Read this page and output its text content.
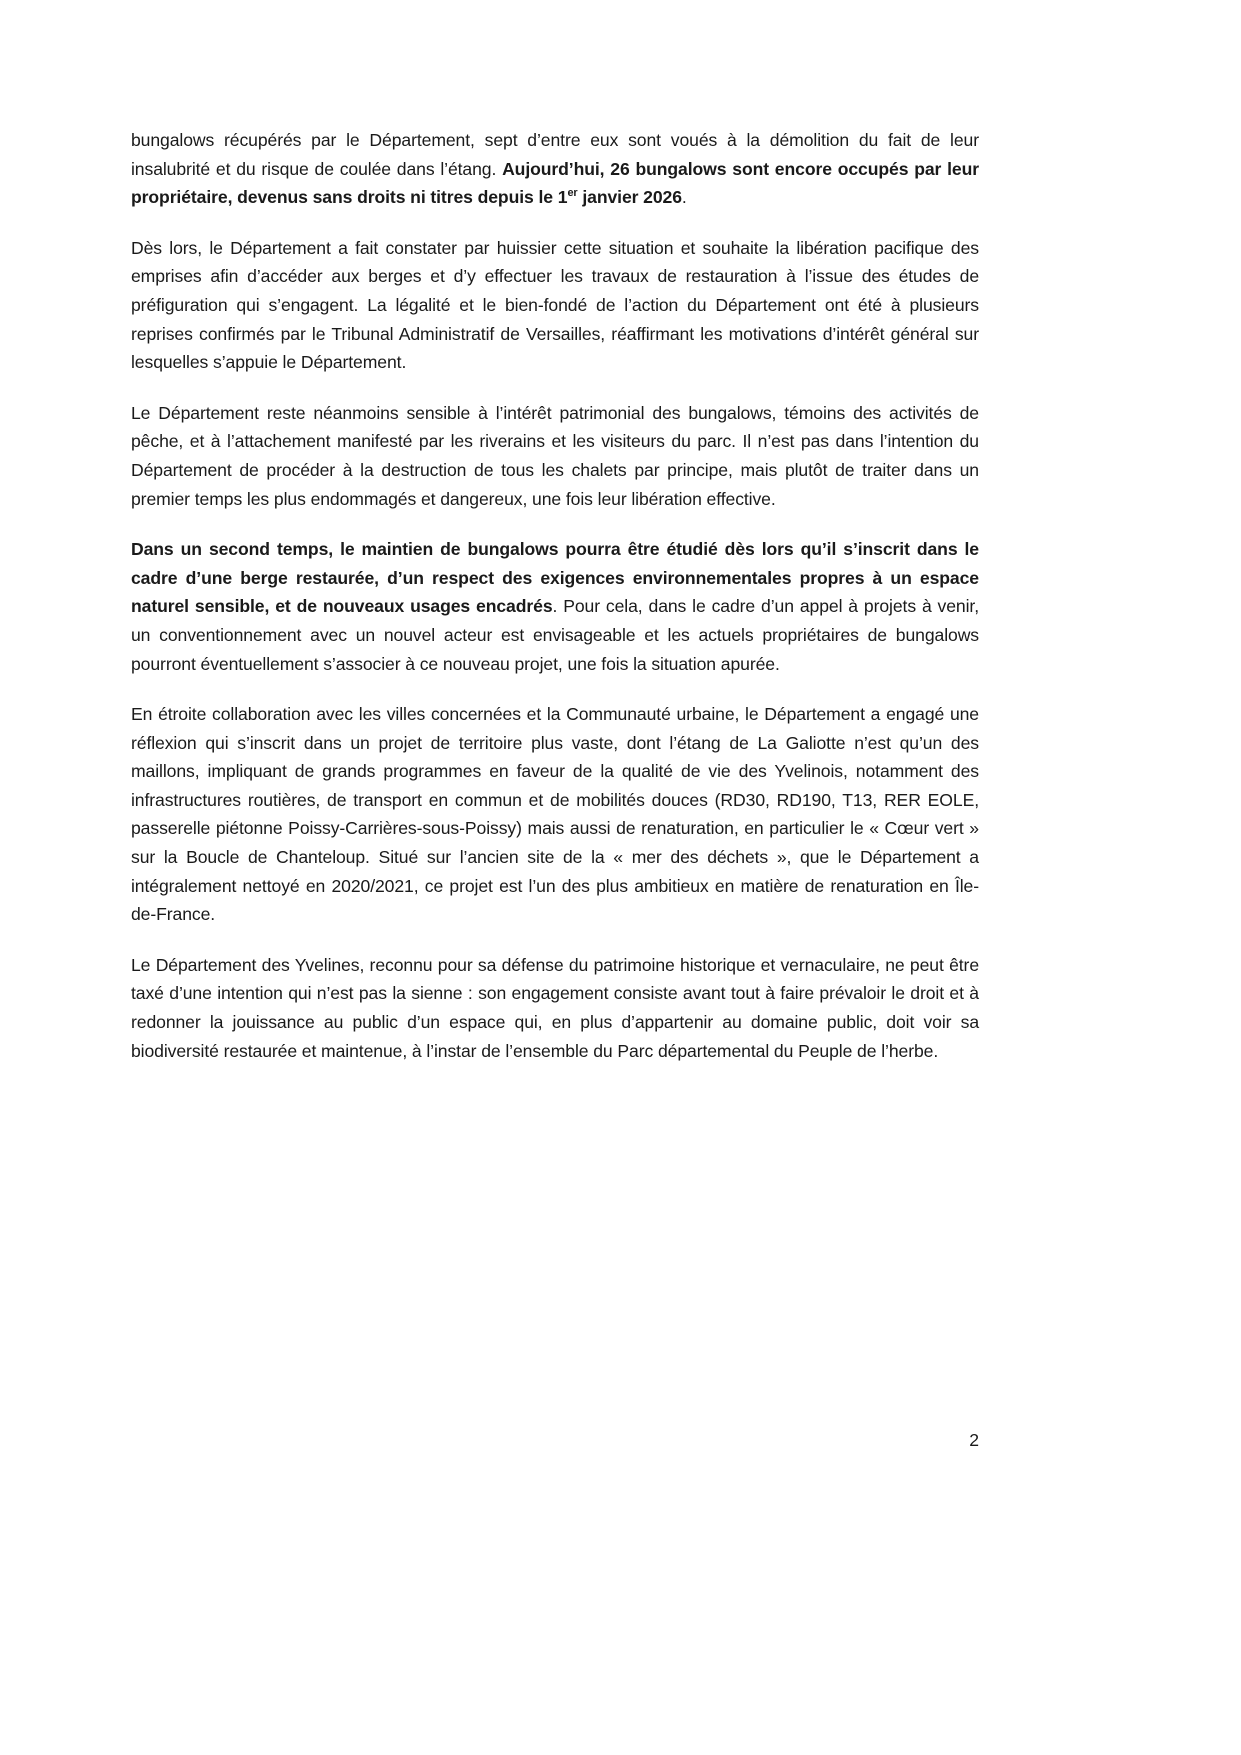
bungalows récupérés par le Département, sept d’entre eux sont voués à la démolition du fait de leur insalubrité et du risque de coulée dans l’étang. Aujourd’hui, 26 bungalows sont encore occupés par leur propriétaire, devenus sans droits ni titres depuis le 1er janvier 2026.

Dès lors, le Département a fait constater par huissier cette situation et souhaite la libération pacifique des emprises afin d’accéder aux berges et d’y effectuer les travaux de restauration à l’issue des études de préfiguration qui s’engagent. La légalité et le bien-fondé de l’action du Département ont été à plusieurs reprises confirmés par le Tribunal Administratif de Versailles, réaffirmant les motivations d’intérêt général sur lesquelles s’appuie le Département.

Le Département reste néanmoins sensible à l’intérêt patrimonial des bungalows, témoins des activités de pêche, et à l’attachement manifesté par les riverains et les visiteurs du parc. Il n’est pas dans l’intention du Département de procéder à la destruction de tous les chalets par principe, mais plutôt de traiter dans un premier temps les plus endommagés et dangereux, une fois leur libération effective.

Dans un second temps, le maintien de bungalows pourra être étudié dès lors qu’il s’inscrit dans le cadre d’une berge restaurée, d’un respect des exigences environnementales propres à un espace naturel sensible, et de nouveaux usages encadrés. Pour cela, dans le cadre d’un appel à projets à venir, un conventionnement avec un nouvel acteur est envisageable et les actuels propriétaires de bungalows pourront éventuellement s’associer à ce nouveau projet, une fois la situation apurée.

En étroite collaboration avec les villes concernées et la Communauté urbaine, le Département a engagé une réflexion qui s’inscrit dans un projet de territoire plus vaste, dont l’étang de La Galiotte n’est qu’un des maillons, impliquant de grands programmes en faveur de la qualité de vie des Yvelinois, notamment des infrastructures routières, de transport en commun et de mobilités douces (RD30, RD190, T13, RER EOLE, passerelle piétonne Poissy-Carrières-sous-Poissy) mais aussi de renaturation, en particulier le « Cœur vert » sur la Boucle de Chanteloup. Situé sur l’ancien site de la « mer des déchets », que le Département a intégralement nettoyé en 2020/2021, ce projet est l’un des plus ambitieux en matière de renaturation en Île-de-France.

Le Département des Yvelines, reconnu pour sa défense du patrimoine historique et vernaculaire, ne peut être taxé d’une intention qui n’est pas la sienne : son engagement consiste avant tout à faire prévaloir le droit et à redonner la jouissance au public d’un espace qui, en plus d’appartenir au domaine public, doit voir sa biodiversité restaurée et maintenue, à l’instar de l’ensemble du Parc départemental du Peuple de l’herbe.

2
